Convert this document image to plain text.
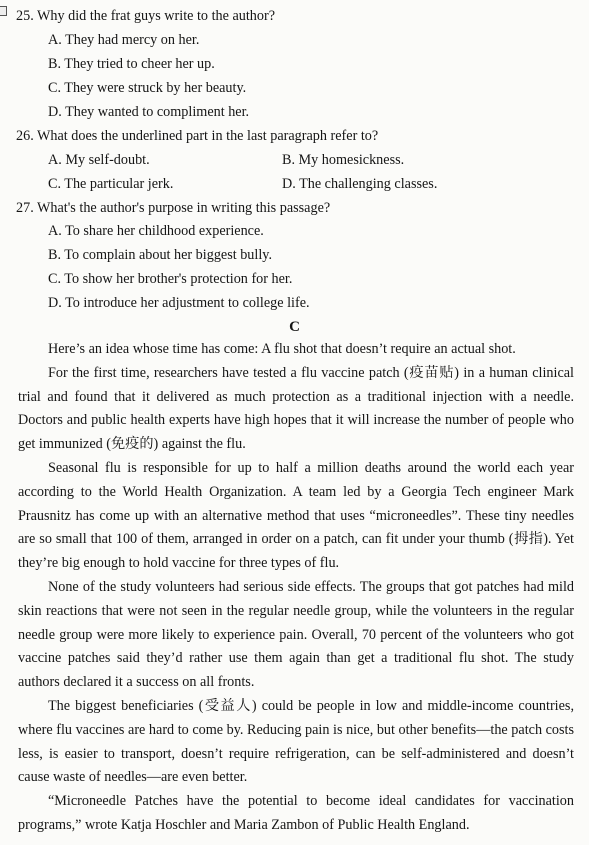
25. Why did the frat guys write to the author?
A. They had mercy on her.
B. They tried to cheer her up.
C. They were struck by her beauty.
D. They wanted to compliment her.
26. What does the underlined part in the last paragraph refer to?
A. My self-doubt.	B. My homesickness.
C. The particular jerk.	D. The challenging classes.
27. What's the author's purpose in writing this passage?
A. To share her childhood experience.
B. To complain about her biggest bully.
C. To show her brother's protection for her.
D. To introduce her adjustment to college life.
C

Here’s an idea whose time has come: A flu shot that doesn’t require an actual shot.

For the first time, researchers have tested a flu vaccine patch (疫苗贴) in a human clinical trial and found that it delivered as much protection as a traditional injection with a needle. Doctors and public health experts have high hopes that it will increase the number of people who get immunized (免疫的) against the flu.

Seasonal flu is responsible for up to half a million deaths around the world each year according to the World Health Organization. A team led by a Georgia Tech engineer Mark Prausnitz has come up with an alternative method that uses “microneedles”. These tiny needles are so small that 100 of them, arranged in order on a patch, can fit under your thumb (拇指). Yet they’re big enough to hold vaccine for three types of flu.

None of the study volunteers had serious side effects. The groups that got patches had mild skin reactions that were not seen in the regular needle group, while the volunteers in the regular needle group were more likely to experience pain. Overall, 70 percent of the volunteers who got vaccine patches said they’d rather use them again than get a traditional flu shot. The study authors declared it a success on all fronts.

The biggest beneficiaries (受益人) could be people in low and middle-income countries, where flu vaccines are hard to come by. Reducing pain is nice, but other benefits—the patch costs less, is easier to transport, doesn’t require refrigeration, can be self-administered and doesn’t cause waste of needles—are even better.

“Microneedle Patches have the potential to become ideal candidates for vaccination programs,” wrote Katja Hoschler and Maria Zambon of Public Health England.
